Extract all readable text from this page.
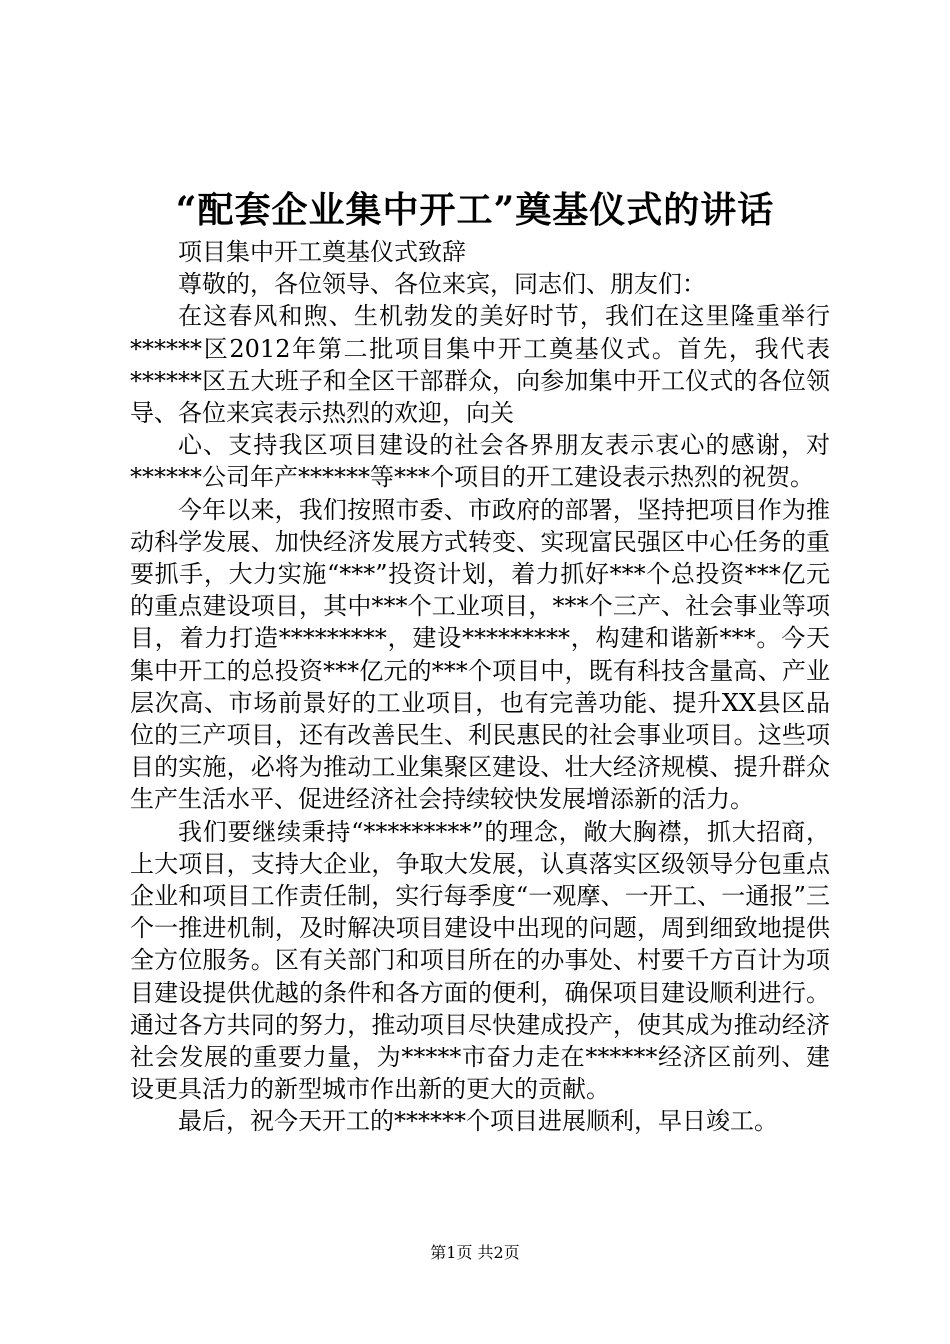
“配套企业集中开工”奠基仪式的讲话

项目集中开工奠基仪式致辞

尊敬的，各位领导、各位来宾，同志们、朋友们：

在这春风和煦、生机勃发的美好时节，我们在这里隆重举行******区2012年第二批项目集中开工奠基仪式。首先，我代表******区五大班子和全区干部群众，向参加集中开工仪式的各位领导、各位来宾表示热烈的欢迎，向关

心、支持我区项目建设的社会各界朋友表示衷心的感谢，对******公司年产******等***个项目的开工建设表示热烈的祝贺。

今年以来，我们按照市委、市政府的部署，坚持把项目作为推动科学发展、加快经济发展方式转变、实现富民强区中心任务的重要抓手，大力实施“***”投资计划，着力抓好***个总投资***亿元的重点建设项目，其中***个工业项目，***个三产、社会事业等项目，着力打造*********，建设*********，构建和谐新***。今天集中开工的总投资***亿元的***个项目中，既有科技含量高、产业层次高、市场前景好的工业项目，也有完善功能、提升XX县区品位的三产项目，还有改善民生、利民惠民的社会事业项目。这些项目的实施，必将为推动工业集聚区建设、壮大经济规模、提升群众生产生活水平、促进经济社会持续较快发展增添新的活力。

我们要继续秉持“*********”的理念，敞大胸襟，抓大招商，上大项目，支持大企业，争取大发展，认真落实区级领导分包重点企业和项目工作责任制，实行每季度“一观摩、一开工、一通报”三个一推进机制，及时解决项目建设中出现的问题，周到细致地提供全方位服务。区有关部门和项目所在的办事处、村要千方百计为项目建设提供优越的条件和各方面的便利，确保项目建设顺利进行。通过各方共同的努力，推动项目尽快建成投产，使其成为推动经济社会发展的重要力量，为*****市奋力走在******经济区前列、建设更具活力的新型城市作出新的更大的贡献。

最后，祝今天开工的******个项目进展顺利，早日竣工。

第1页 共2页
